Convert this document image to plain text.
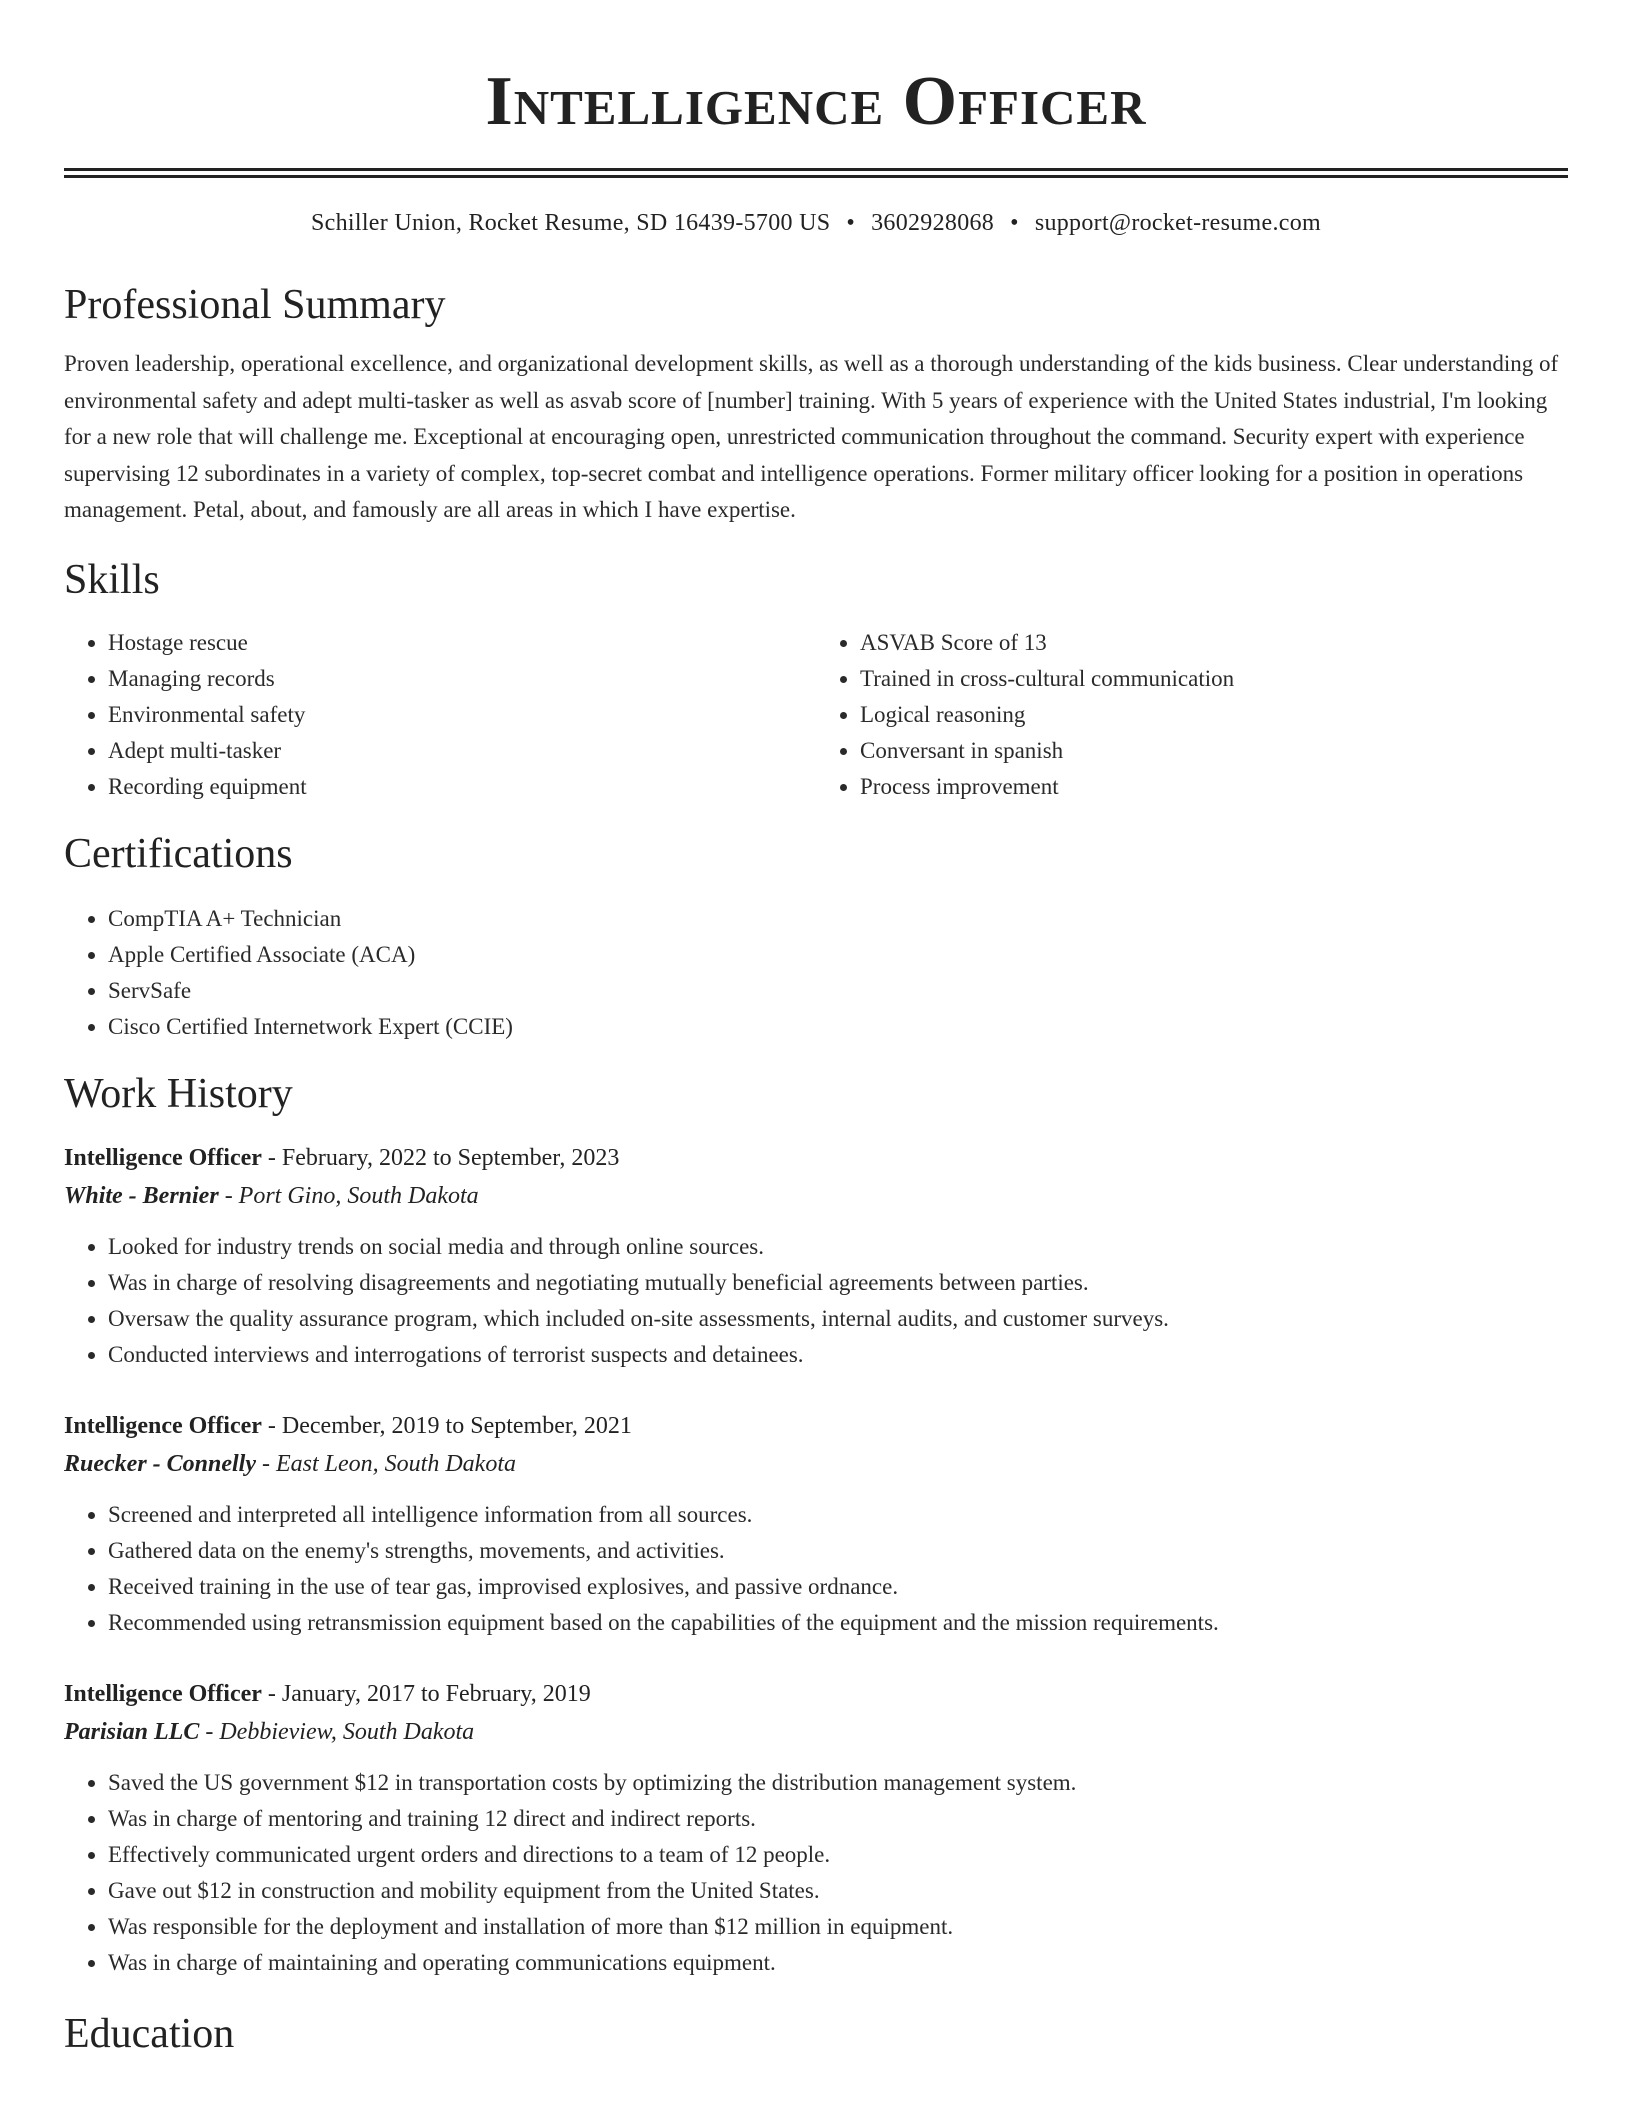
Intelligence Officer
Schiller Union, Rocket Resume, SD 16439-5700 US • 3602928068 • support@rocket-resume.com
Professional Summary
Proven leadership, operational excellence, and organizational development skills, as well as a thorough understanding of the kids business. Clear understanding of environmental safety and adept multi-tasker as well as asvab score of [number] training. With 5 years of experience with the United States industrial, I'm looking for a new role that will challenge me. Exceptional at encouraging open, unrestricted communication throughout the command. Security expert with experience supervising 12 subordinates in a variety of complex, top-secret combat and intelligence operations. Former military officer looking for a position in operations management. Petal, about, and famously are all areas in which I have expertise.
Skills
• Hostage rescue
• Managing records
• Environmental safety
• Adept multi-tasker
• Recording equipment
• ASVAB Score of 13
• Trained in cross-cultural communication
• Logical reasoning
• Conversant in spanish
• Process improvement
Certifications
• CompTIA A+ Technician
• Apple Certified Associate (ACA)
• ServSafe
• Cisco Certified Internetwork Expert (CCIE)
Work History
Intelligence Officer - February, 2022 to September, 2023
White - Bernier - Port Gino, South Dakota
• Looked for industry trends on social media and through online sources.
• Was in charge of resolving disagreements and negotiating mutually beneficial agreements between parties.
• Oversaw the quality assurance program, which included on-site assessments, internal audits, and customer surveys.
• Conducted interviews and interrogations of terrorist suspects and detainees.
Intelligence Officer - December, 2019 to September, 2021
Ruecker - Connelly - East Leon, South Dakota
• Screened and interpreted all intelligence information from all sources.
• Gathered data on the enemy's strengths, movements, and activities.
• Received training in the use of tear gas, improvised explosives, and passive ordnance.
• Recommended using retransmission equipment based on the capabilities of the equipment and the mission requirements.
Intelligence Officer - January, 2017 to February, 2019
Parisian LLC - Debbieview, South Dakota
• Saved the US government $12 in transportation costs by optimizing the distribution management system.
• Was in charge of mentoring and training 12 direct and indirect reports.
• Effectively communicated urgent orders and directions to a team of 12 people.
• Gave out $12 in construction and mobility equipment from the United States.
• Was responsible for the deployment and installation of more than $12 million in equipment.
• Was in charge of maintaining and operating communications equipment.
Education
